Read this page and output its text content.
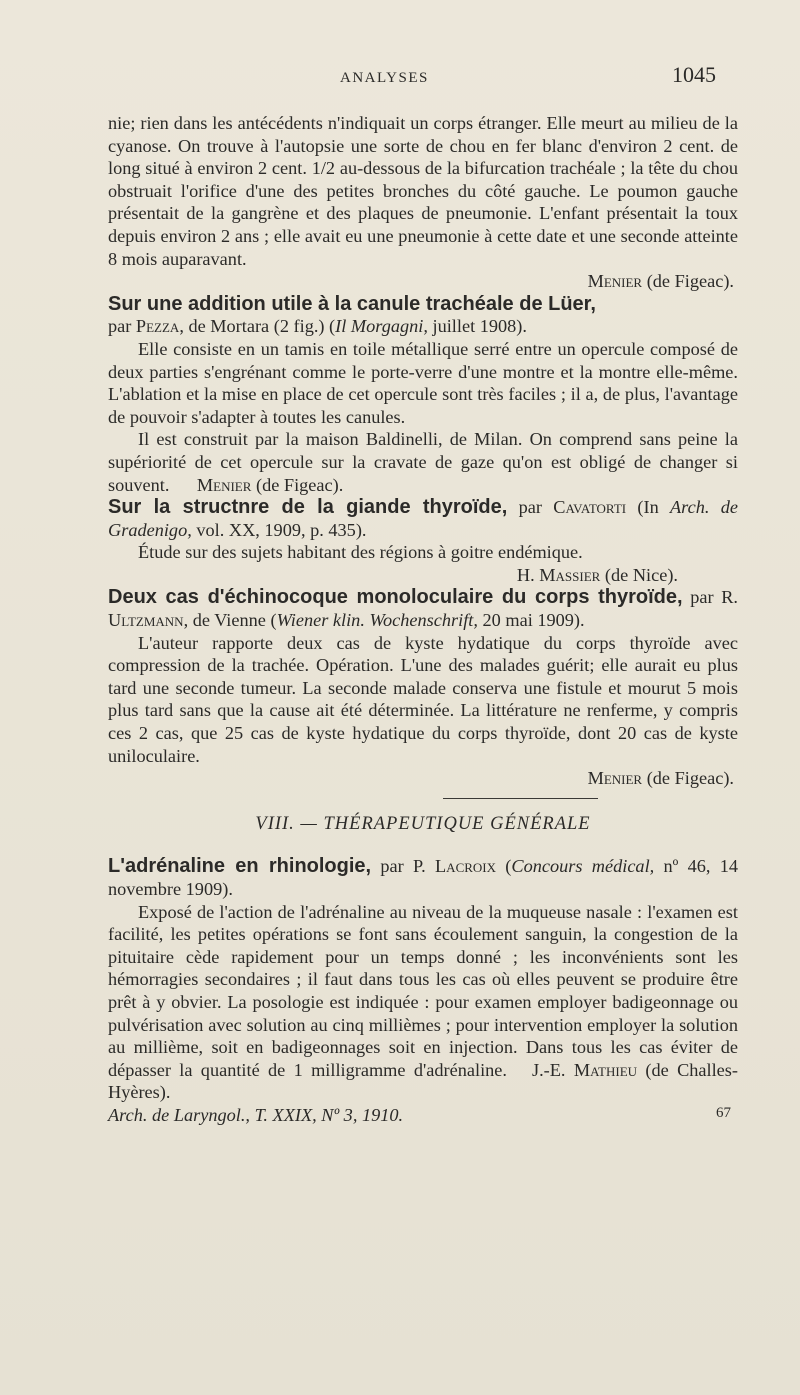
ANALYSES	1045

nie; rien dans les antécédents n'indiquait un corps étranger. Elle meurt au milieu de la cyanose. On trouve à l'autopsie une sorte de chou en fer blanc d'environ 2 cent. de long situé à environ 2 cent. 1/2 au-dessous de la bifurcation trachéale ; la tête du chou obstruait l'orifice d'une des petites bronches du côté gauche. Le poumon gauche présentait de la gangrène et des plaques de pneumonie. L'enfant présentait la toux depuis environ 2 ans ; elle avait eu une pneumonie à cette date et une seconde atteinte 8 mois auparavant.

Menier (de Figeac).

Sur une addition utile à la canule trachéale de Lüer,
par Pezza, de Mortara (2 fig.) (Il Morgagni, juillet 1908).

Elle consiste en un tamis en toile métallique serré entre un opercule composé de deux parties s'engrénant comme le porte-verre d'une montre et la montre elle-même. L'ablation et la mise en place de cet opercule sont très faciles ; il a, de plus, l'avantage de pouvoir s'adapter à toutes les canules.

Il est construit par la maison Baldinelli, de Milan. On comprend sans peine la supériorité de cet opercule sur la cravate de gaze qu'on est obligé de changer si souvent. Menier (de Figeac).

Sur la structnre de la giande thyroïde, par Cavatorti (In Arch. de Gradenigo, vol. XX, 1909, p. 435).

Étude sur des sujets habitant des régions à goitre endémique.

H. Massier (de Nice).

Deux cas d'échinocoque monoloculaire du corps thyroïde, par R. Ultzmann, de Vienne (Wiener klin. Wochenschrift, 20 mai 1909).

L'auteur rapporte deux cas de kyste hydatique du corps thyroïde avec compression de la trachée. Opération. L'une des malades guérit; elle aurait eu plus tard une seconde tumeur. La seconde malade conserva une fistule et mourut 5 mois plus tard sans que la cause ait été déterminée. La littérature ne renferme, y compris ces 2 cas, que 25 cas de kyste hydatique du corps thyroïde, dont 20 cas de kyste uniloculaire.

Menier (de Figeac).

VIII. — THÉRAPEUTIQUE GÉNÉRALE

L'adrénaline en rhinologie, par P. Lacroix (Concours médical, nº 46, 14 novembre 1909).

Exposé de l'action de l'adrénaline au niveau de la muqueuse nasale : l'examen est facilité, les petites opérations se font sans écoulement sanguin, la congestion de la pituitaire cède rapidement pour un temps donné ; les inconvénients sont les hémorragies secondaires ; il faut dans tous les cas où elles peuvent se produire être prêt à y obvier. La posologie est indiquée : pour examen employer badigeonnage ou pulvérisation avec solution au cinq millièmes ; pour intervention employer la solution au millième, soit en badigeonnages soit en injection. Dans tous les cas éviter de dépasser la quantité de 1 milligramme d'adrénaline. J.-E. Mathieu (de Challes-Hyères).

Arch. de Laryngol., T. XXIX, Nº 3, 1910.	67
